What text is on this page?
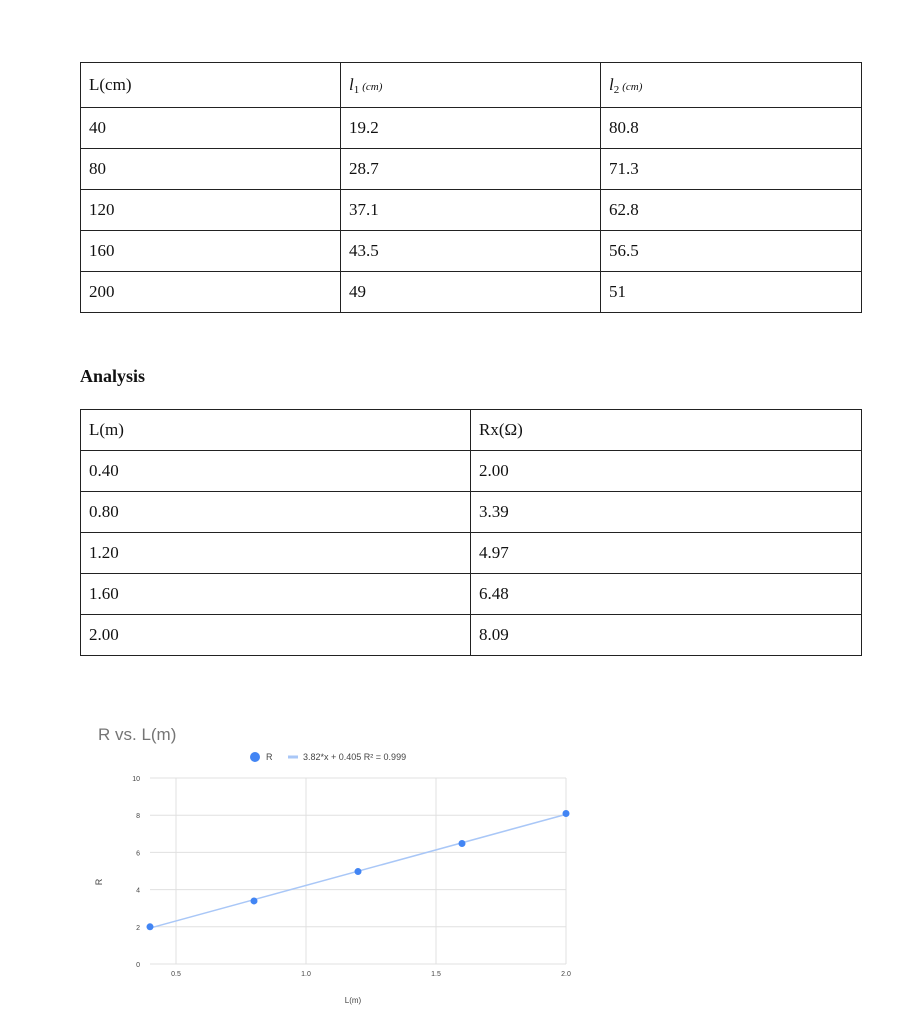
L(cm)	$l_1$ (cm)	$l_2$ (cm)
40	19.2	80.8
80	28.7	71.3
120	37.1	62.8
160	43.5	56.5
200	49	51
Analysis
L(m)	Rx(Ω)
0.40	2.00
0.80	3.39
1.20	4.97
1.60	6.48
2.00	8.09
R vs. L(m)
R	3.82*x + 0.405 R² = 0.999
0
2
4
6
8
10
0.5	1.0	1.5	2.0
R
L(m)
